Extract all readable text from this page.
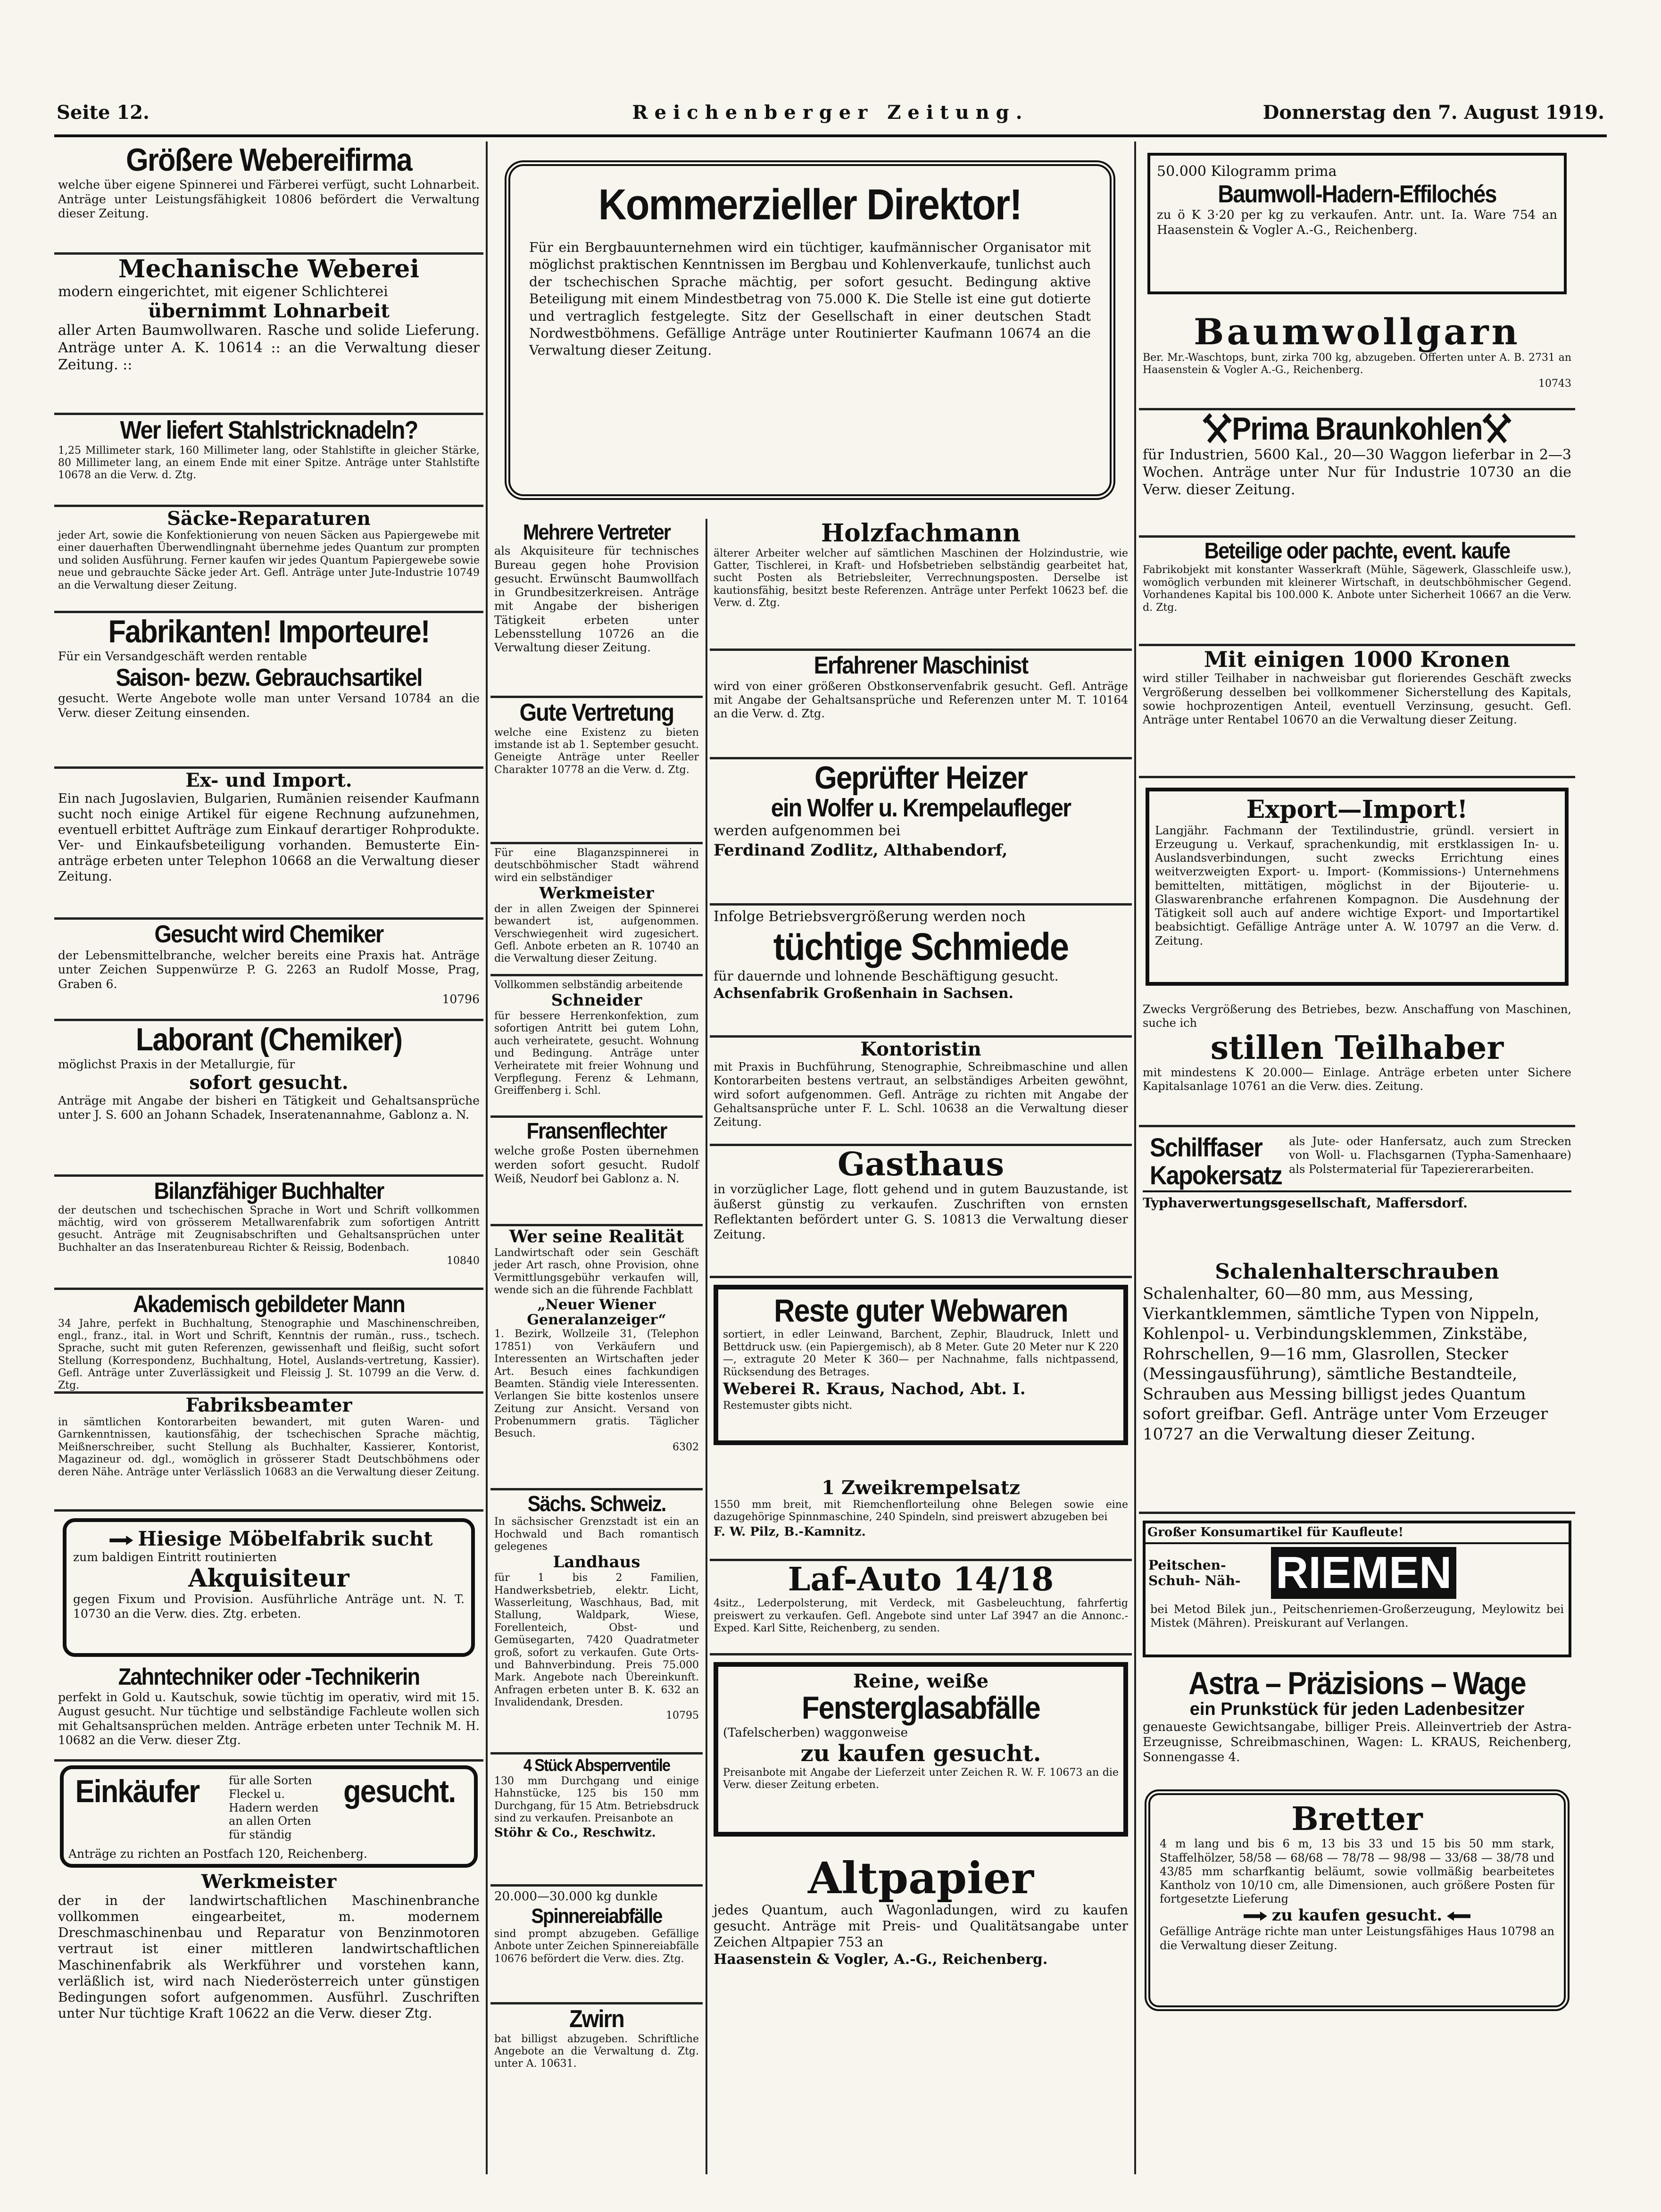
Seite 12.	Reichenberger Zeitung.	Donnerstag den 7. August 1919.
Größere Webereifirma

welche über eigene Spinnerei und Färberei verfügt, sucht Lohnarbeit. Anträge unter Leistungsfähigkeit 10806 befördert die Verwaltung dieser Zeitung.

Mechanische Weberei

modern eingerichtet, mit eigener Schlichterei

übernimmt Lohnarbeit

aller Arten Baumwollwaren. Rasche und solide Lieferung. Anträge unter A. K. 10614 :: an die Verwaltung dieser Zeitung. ::

Wer liefert Stahlstricknadeln?

1,25 Millimeter stark, 160 Millimeter lang, oder Stahlstifte in gleicher Stärke, 80 Millimeter lang, an einem Ende mit einer Spitze. Anträge unter Stahlstifte 10678 an die Verw. d. Ztg.

Säcke-Reparaturen

jeder Art, sowie die Konfektionierung von neuen Säcken aus Papiergewebe mit einer dauerhaften Überwendlingnaht übernehme jedes Quantum zur prompten und soliden Ausführung. Ferner kaufen wir jedes Quantum Papiergewebe sowie neue und gebrauchte Säcke jeder Art. Gefl. Anträge unter Jute-Industrie 10749 an die Verwaltung dieser Zeitung.

Fabrikanten! Importeure!

Für ein Versandgeschäft werden rentable

Saison- bezw. Gebrauchsartikel

gesucht. Werte Angebote wolle man unter Versand 10784 an die Verw. dieser Zeitung einsenden.

Ex- und Import.

Ein nach Jugoslavien, Bulgarien, Rumänien reisender Kaufmann sucht noch einige Artikel für eigene Rechnung aufzunehmen, eventuell erbittet Aufträge zum Einkauf derartiger Rohprodukte. Ver- und Einkaufsbeteiligung vorhanden. Bemusterte Ein-anträge erbeten unter Telephon 10668 an die Verwaltung dieser Zeitung.

Gesucht wird Chemiker

der Lebensmittelbranche, welcher bereits eine Praxis hat. Anträge unter Zeichen Suppenwürze P. G. 2263 an Rudolf Mosse, Prag, Graben 6.

10796

Laborant (Chemiker)

möglichst Praxis in der Metallurgie, für

sofort gesucht.

Anträge mit Angabe der bisheri en Tätigkeit und Gehaltsansprüche unter J. S. 600 an Johann Schadek, Inseratenannahme, Gablonz a. N.

Bilanzfähiger Buchhalter

der deutschen und tschechischen Sprache in Wort und Schrift vollkommen mächtig, wird von grösserem Metallwarenfabrik zum sofortigen Antritt gesucht. Anträge mit Zeugnisabschriften und Gehaltsansprüchen unter Buchhalter an das Inseratenbureau Richter & Reissig, Bodenbach.

10840

Akademisch gebildeter Mann

34 Jahre, perfekt in Buchhaltung, Stenographie und Maschinenschreiben, engl., franz., ital. in Wort und Schrift, Kenntnis der rumän., russ., tschech. Sprache, sucht mit guten Referenzen, gewissenhaft und fleißig, sucht sofort Stellung (Korrespondenz, Buchhaltung, Hotel, Auslands-vertretung, Kassier). Gefl. Anträge unter Zuverlässigkeit und Fleissig J. St. 10799 an die Verw. d. Ztg.

Fabriksbeamter

in sämtlichen Kontorarbeiten bewandert, mit guten Waren- und Garnkenntnissen, kautionsfähig, der tschechischen Sprache mächtig, Meißnerschreiber, sucht Stellung als Buchhalter, Kassierer, Kontorist, Magazineur od. dgl., womöglich in grösserer Stadt Deutschböhmens oder deren Nähe. Anträge unter Verlässlich 10683 an die Verwaltung dieser Zeitung.

Hiesige Möbelfabrik sucht

zum baldigen Eintritt routinierten

Akquisiteur

gegen Fixum und Provision. Ausführliche Anträge unt. N. T. 10730 an die Verw. dies. Ztg. erbeten.

Zahntechniker oder -Technikerin

perfekt in Gold u. Kautschuk, sowie tüchtig im operativ, wird mit 15. August gesucht. Nur tüchtige und selbständige Fachleute wollen sich mit Gehaltsansprüchen melden. Anträge erbeten unter Technik M. H. 10682 an die Verw. dieser Ztg.

Einkäufer	für alle Sorten Fleckel u. Hadern werden an allen Orten für ständig
gesucht.

Anträge zu richten an Postfach 120, Reichenberg.

Werkmeister

der in der landwirtschaftlichen Maschinenbranche vollkommen eingearbeitet, m. modernem Dreschmaschinenbau und Reparatur von Benzinmotoren vertraut ist einer mittleren landwirtschaftlichen Maschinenfabrik als Werkführer und vorstehen kann, verläßlich ist, wird nach Niederösterreich unter günstigen Bedingungen sofort aufgenommen. Ausführl. Zuschriften unter Nur tüchtige Kraft 10622 an die Verw. dieser Ztg.

Kommerzieller Direktor!

Für ein Bergbauunternehmen wird ein tüchtiger, kaufmännischer Organisator mit möglichst praktischen Kenntnissen im Bergbau und Kohlenverkaufe, tunlichst auch der tschechischen Sprache mächtig, per sofort gesucht. Bedingung aktive Beteiligung mit einem Mindestbetrag von 75.000 K. Die Stelle ist eine gut dotierte und vertraglich festgelegte. Sitz der Gesellschaft in einer deutschen Stadt Nordwestböhmens. Gefällige Anträge unter Routinierter Kaufmann 10674 an die Verwaltung dieser Zeitung.

Mehrere Vertreter

als Akquisiteure für technisches Bureau gegen hohe Provision gesucht. Erwünscht Baumwollfach in Grundbesitzerkreisen. Anträge mit Angabe der bisherigen Tätigkeit erbeten unter Lebensstellung 10726 an die Verwaltung dieser Zeitung.

Gute Vertretung

welche eine Existenz zu bieten imstande ist ab 1. September gesucht. Geneigte Anträge unter Reeller Charakter 10778 an die Verw. d. Ztg.

Für eine Blaganzspinnerei in deutschböhmischer Stadt während wird ein selbständiger

Werkmeister

der in allen Zweigen der Spinnerei bewandert ist, aufgenommen. Verschwiegenheit wird zugesichert. Gefl. Anbote erbeten an R. 10740 an die Verwaltung dieser Zeitung.

Vollkommen selbständig arbeitende

Schneider

für bessere Herrenkonfektion, zum sofortigen Antritt bei gutem Lohn, auch verheiratete, gesucht. Wohnung und Bedingung. Anträge unter Verheiratete mit freier Wohnung und Verpflegung. Ferenz & Lehmann, Greiffenberg i. Schl.

Fransenflechter

welche große Posten übernehmen werden sofort gesucht. Rudolf Weiß, Neudorf bei Gablonz a. N.

Wer seine Realität

Landwirtschaft oder sein Geschäft jeder Art rasch, ohne Provision, ohne Vermittlungsgebühr verkaufen will, wende sich an die führende Fachblatt

„Neuer Wiener Generalanzeiger“

1. Bezirk, Wollzeile 31, (Telephon 17851) von Verkäufern und Interessenten an Wirtschaften jeder Art. Besuch eines fachkundigen Beamten. Ständig viele Interessenten. Verlangen Sie bitte kostenlos unsere Zeitung zur Ansicht. Versand von Probenummern gratis. Täglicher Besuch.

6302

Sächs. Schweiz.

In sächsischer Grenzstadt ist ein an Hochwald und Bach romantisch gelegenes

Landhaus

für 1 bis 2 Familien, Handwerksbetrieb, elektr. Licht, Wasserleitung, Waschhaus, Bad, mit Stallung, Waldpark, Wiese, Forellenteich, Obst- und Gemüsegarten, 7420 Quadratmeter groß, sofort zu verkaufen. Gute Orts- und Bahnverbindung. Preis 75.000 Mark. Angebote nach Übereinkunft. Anfragen erbeten unter B. K. 632 an Invalidendank, Dresden.

10795

4 Stück Absperrventile

130 mm Durchgang und einige Hahnstücke, 125 bis 150 mm Durchgang, für 15 Atm. Betriebsdruck sind zu verkaufen. Preisanbote an

Stöhr & Co., Reschwitz.

20.000—30.000 kg dunkle

Spinnereiabfälle

sind prompt abzugeben. Gefällige Anbote unter Zeichen Spinnereiabfälle 10676 befördert die Verw. dies. Ztg.

Zwirn

bat billigst abzugeben. Schriftliche Angebote an die Verwaltung d. Ztg. unter A. 10631.

Holzfachmann

älterer Arbeiter welcher auf sämtlichen Maschinen der Holzindustrie, wie Gatter, Tischlerei, in Kraft- und Hofsbetrieben selbständig gearbeitet hat, sucht Posten als Betriebsleiter, Verrechnungsposten. Derselbe ist kautionsfähig, besitzt beste Referenzen. Anträge unter Perfekt 10623 bef. die Verw. d. Ztg.

Erfahrener Maschinist

wird von einer größeren Obstkonservenfabrik gesucht. Gefl. Anträge mit Angabe der Gehaltsansprüche und Referenzen unter M. T. 10164 an die Verw. d. Ztg.

Geprüfter Heizer
ein Wolfer u. Krempelaufleger

werden aufgenommen bei

Ferdinand Zodlitz, Althabendorf,

Infolge Betriebsvergrößerung werden noch

tüchtige Schmiede

für dauernde und lohnende Beschäftigung gesucht.

Achsenfabrik Großenhain in Sachsen.

Kontoristin

mit Praxis in Buchführung, Stenographie, Schreibmaschine und allen Kontorarbeiten bestens vertraut, an selbständiges Arbeiten gewöhnt, wird sofort aufgenommen. Gefl. Anträge zu richten mit Angabe der Gehaltsansprüche unter F. L. Schl. 10638 an die Verwaltung dieser Zeitung.

Gasthaus

in vorzüglicher Lage, flott gehend und in gutem Bauzustande, ist äußerst günstig zu verkaufen. Zuschriften von ernsten Reflektanten befördert unter G. S. 10813 die Verwaltung dieser Zeitung.

Reste guter Webwaren

sortiert, in edler Leinwand, Barchent, Zephir, Blaudruck, Inlett und Bettdruck usw. (ein Papiergemisch), ab 8 Meter. Gute 20 Meter nur K 220—, extragute 20 Meter K 360— per Nachnahme, falls nichtpassend, Rücksendung des Betrages.

Weberei R. Kraus, Nachod, Abt. I.

Restemuster gibts nicht.

1 Zweikrempelsatz

1550 mm breit, mit Riemchenflorteilung ohne Belegen sowie eine dazugehörige Spinnmaschine, 240 Spindeln, sind preiswert abzugeben bei

F. W. Pilz, B.-Kamnitz.

Laf-Auto 14/18

4sitz., Lederpolsterung, mit Verdeck, mit Gasbeleuchtung, fahrfertig preiswert zu verkaufen. Gefl. Angebote sind unter Laf 3947 an die Annonc.-Exped. Karl Sitte, Reichenberg, zu senden.

Reine, weiße
Fensterglasabfälle

(Tafelscherben) waggonweise

zu kaufen gesucht.

Preisanbote mit Angabe der Lieferzeit unter Zeichen R. W. F. 10673 an die Verw. dieser Zeitung erbeten.

Altpapier

jedes Quantum, auch Wagonladungen, wird zu kaufen gesucht. Anträge mit Preis- und Qualitätsangabe unter Zeichen Altpapier 753 an

Haasenstein & Vogler, A.-G., Reichenberg.

50.000 Kilogramm prima

Baumwoll-Hadern-Effilochés

zu ö K 3·20 per kg zu verkaufen. Antr. unt. Ia. Ware 754 an Haasenstein & Vogler A.-G., Reichenberg.

Baumwollgarn

Ber. Mr.-Waschtops, bunt, zirka 700 kg, abzugeben. Offerten unter A. B. 2731 an Haasenstein & Vogler A.-G., Reichenberg.

10743

Prima Braunkohlen

für Industrien, 5600 Kal., 20—30 Waggon lieferbar in 2—3 Wochen. Anträge unter Nur für Industrie 10730 an die Verw. dieser Zeitung.

Beteilige oder pachte, event. kaufe

Fabrikobjekt mit konstanter Wasserkraft (Mühle, Sägewerk, Glasschleife usw.), womöglich verbunden mit kleinerer Wirtschaft, in deutschböhmischer Gegend. Vorhandenes Kapital bis 100.000 K. Anbote unter Sicherheit 10667 an die Verw. d. Ztg.

Mit einigen 1000 Kronen

wird stiller Teilhaber in nachweisbar gut florierendes Geschäft zwecks Vergrößerung desselben bei vollkommener Sicherstellung des Kapitals, sowie hochprozentigen Anteil, eventuell Verzinsung, gesucht. Gefl. Anträge unter Rentabel 10670 an die Verwaltung dieser Zeitung.

Export—Import!

Langjähr. Fachmann der Textilindustrie, gründl. versiert in Erzeugung u. Verkauf, sprachenkundig, mit erstklassigen In- u. Auslandsverbindungen, sucht zwecks Errichtung eines weitverzweigten Export- u. Import- (Kommissions-) Unternehmens bemittelten, mittätigen, möglichst in der Bijouterie- u. Glaswarenbranche erfahrenen Kompagnon. Die Ausdehnung der Tätigkeit soll auch auf andere wichtige Export- und Importartikel beabsichtigt. Gefällige Anträge unter A. W. 10797 an die Verw. d. Zeitung.

Zwecks Vergrößerung des Betriebes, bezw. Anschaffung von Maschinen, suche ich

stillen Teilhaber

mit mindestens K 20.000— Einlage. Anträge erbeten unter Sichere Kapitalsanlage 10761 an die Verw. dies. Zeitung.

Schilffaser Kapokersatz

als Jute- oder Hanfersatz, auch zum Strecken von Woll- u. Flachsgarnen (Typha-Samenhaare) als Polstermaterial für Tapeziererarbeiten.

Typhaverwertungsgesellschaft, Maffersdorf.

Schalenhalterschrauben

Schalenhalter, 60—80 mm, aus Messing, Vierkantklemmen, sämtliche Typen von Nippeln, Kohlenpol- u. Verbindungsklemmen, Zinkstäbe, Rohrschellen, 9—16 mm, Glasrollen, Stecker (Messingausführung), sämtliche Bestandteile, Schrauben aus Messing billigst jedes Quantum sofort greifbar. Gefl. Anträge unter Vom Erzeuger 10727 an die Verwaltung dieser Zeitung.

Großer Konsumartikel für Kaufleute!

Peitschen- Schuh- Näh- RIEMEN

bei Metod Bilek jun., Peitschenriemen-Großerzeugung, Meylowitz bei Mistek (Mähren). Preiskurant auf Verlangen.

Astra – Präzisions – Wage
ein Prunkstück für jeden Ladenbesitzer

genaueste Gewichtsangabe, billiger Preis. Alleinvertrieb der Astra-Erzeugnisse, Schreibmaschinen, Wagen: L. KRAUS, Reichenberg, Sonnengasse 4.

Bretter

4 m lang und bis 6 m, 13 bis 33 und 15 bis 50 mm stark, Staffelhölzer, 58/58 — 68/68 — 78/78 — 98/98 — 33/68 — 38/78 und 43/85 mm scharfkantig beläumt, sowie vollmäßig bearbeitetes Kantholz von 10/10 cm, alle Dimensionen, auch größere Posten für fortgesetzte Lieferung

zu kaufen gesucht.

Gefällige Anträge richte man unter Leistungsfähiges Haus 10798 an die Verwaltung dieser Zeitung.
